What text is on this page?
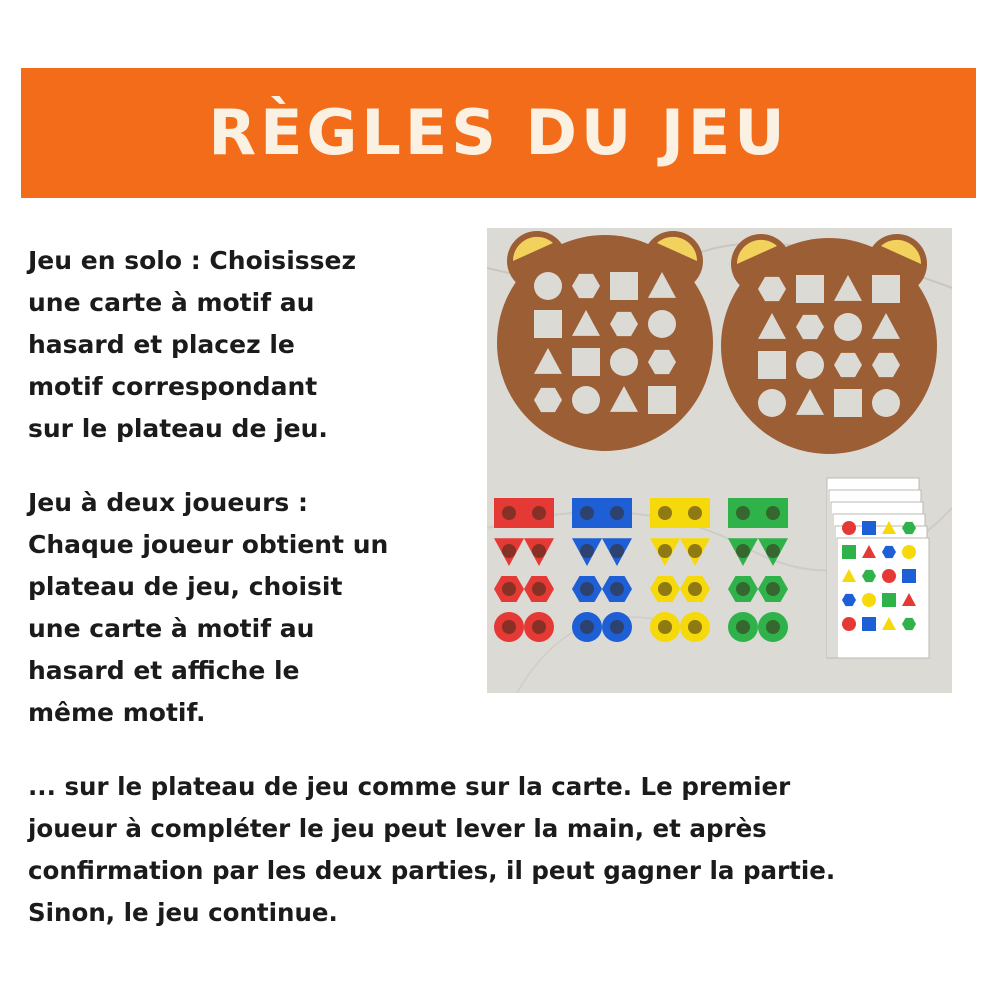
RÈGLES DU JEU

Jeu en solo : Choisissez
une carte à motif au
hasard et placez le
motif correspondant
sur le plateau de jeu.

Jeu à deux joueurs :
Chaque joueur obtient un
plateau de jeu, choisit
une carte à motif au
hasard et affiche le
même motif.

... sur le plateau de jeu comme sur la carte. Le premier
joueur à compléter le jeu peut lever la main, et après
confirmation par les deux parties, il peut gagner la partie.
Sinon, le jeu continue.
